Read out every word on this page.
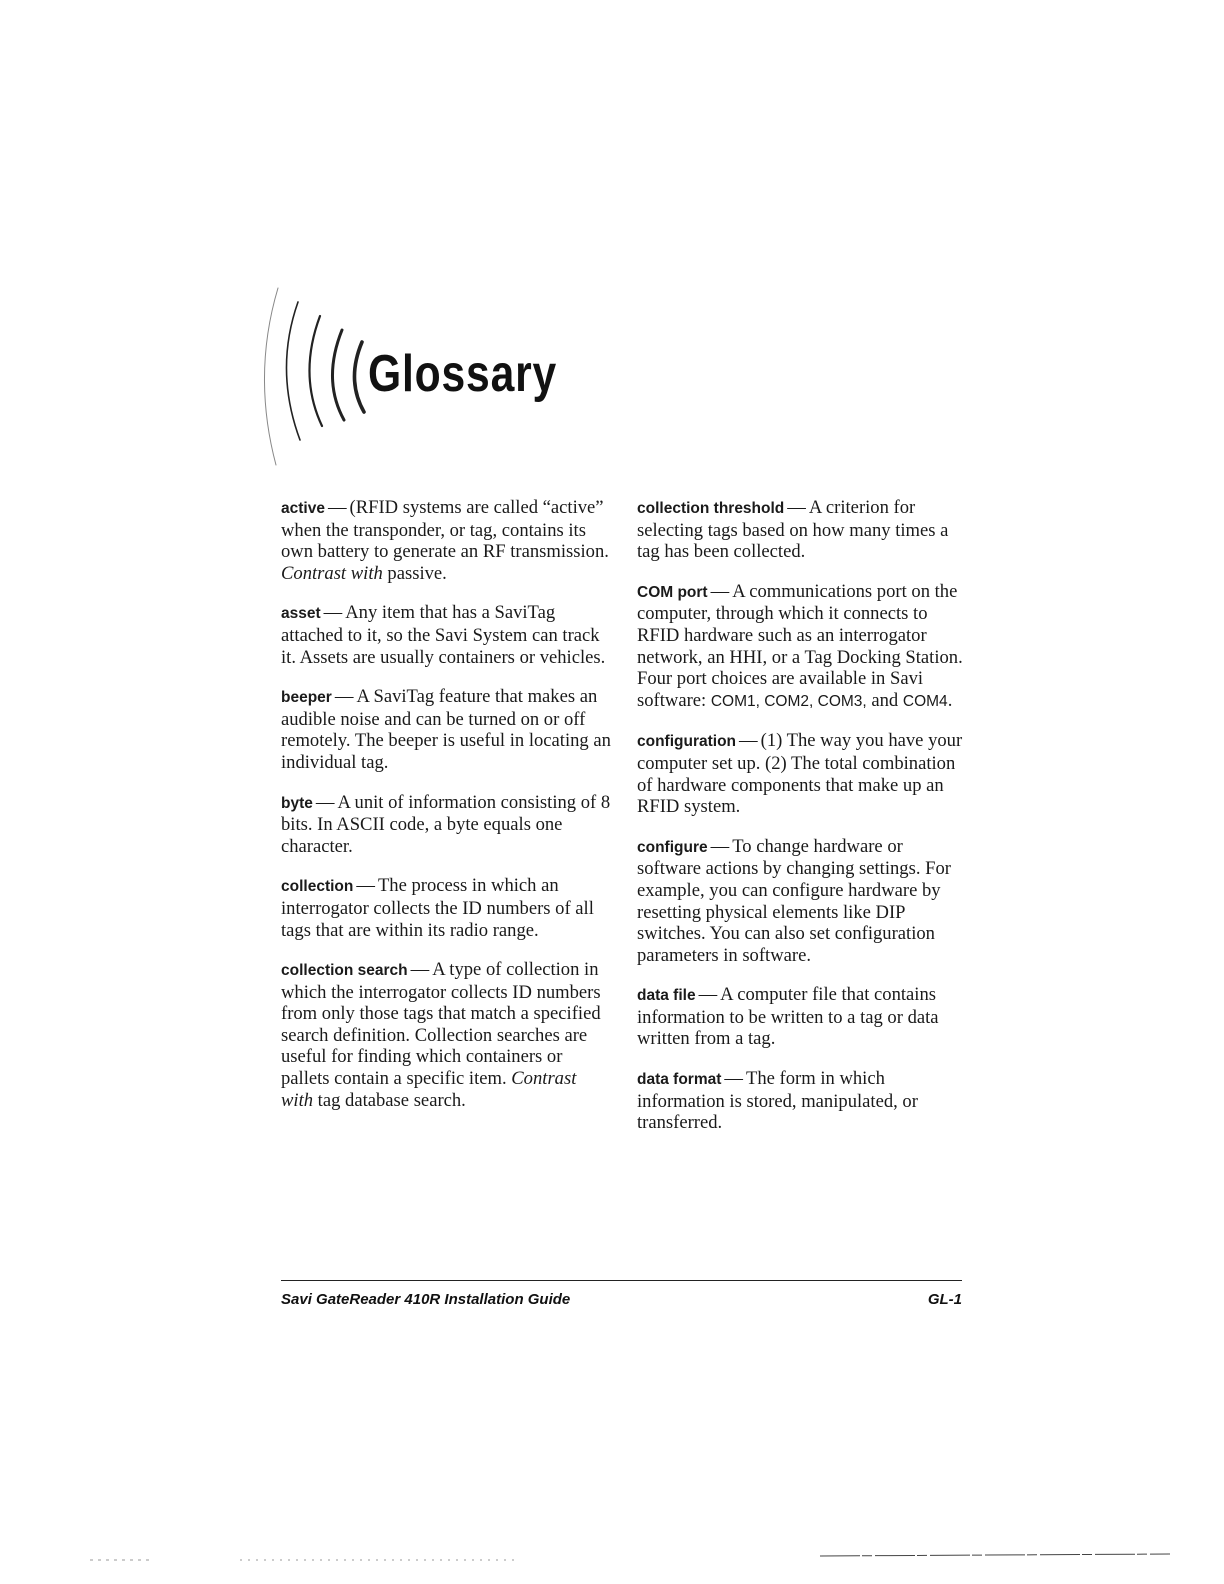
Glossary

active — (RFID systems are called “active” when the transponder, or tag, contains its own battery to generate an RF transmission. Contrast with passive.

asset — Any item that has a SaviTag attached to it, so the Savi System can track it. Assets are usually containers or vehicles.

beeper — A SaviTag feature that makes an audible noise and can be turned on or off remotely. The beeper is useful in locating an individual tag.

byte — A unit of information consisting of 8 bits. In ASCII code, a byte equals one character.

collection — The process in which an interrogator collects the ID numbers of all tags that are within its radio range.

collection search — A type of collection in which the interrogator collects ID numbers from only those tags that match a specified search definition. Collection searches are useful for finding which containers or pallets contain a specific item. Contrast with tag database search.

collection threshold — A criterion for selecting tags based on how many times a tag has been collected.

COM port — A communications port on the computer, through which it connects to RFID hardware such as an interrogator network, an HHI, or a Tag Docking Station. Four port choices are available in Savi software: COM1, COM2, COM3, and COM4.

configuration — (1) The way you have your computer set up. (2) The total combination of hardware components that make up an RFID system.

configure — To change hardware or software actions by changing settings. For example, you can configure hardware by resetting physical elements like DIP switches. You can also set configuration parameters in software.

data file — A computer file that contains information to be written to a tag or data written from a tag.

data format — The form in which information is stored, manipulated, or transferred.

Savi GateReader 410R Installation Guide	GL-1
